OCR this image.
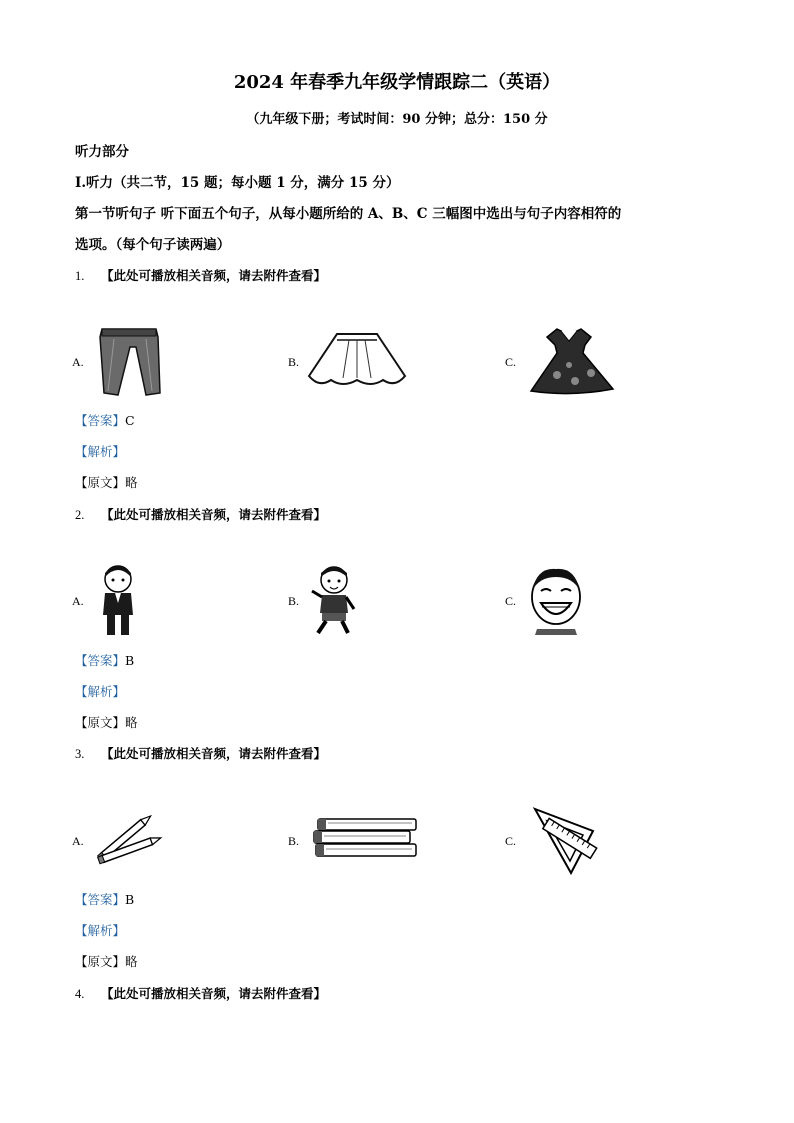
2024 年春季九年级学情跟踪二（英语）
（九年级下册；考试时间：90 分钟；总分：150 分
听力部分
I.听力（共二节，15 题；每小题 1 分，满分 15 分）
第一节听句子 听下面五个句子，从每小题所给的 A、B、C 三幅图中选出与句子内容相符的
选项。（每个句子读两遍）
1. 【此处可播放相关音频，请去附件查看】
A.	B.	C.
【答案】C
【解析】
【原文】略
2. 【此处可播放相关音频，请去附件查看】
A.	B.	C.
【答案】B
【解析】
【原文】略
3. 【此处可播放相关音频，请去附件查看】
A.	B.	C.
【答案】B
【解析】
【原文】略
4. 【此处可播放相关音频，请去附件查看】
